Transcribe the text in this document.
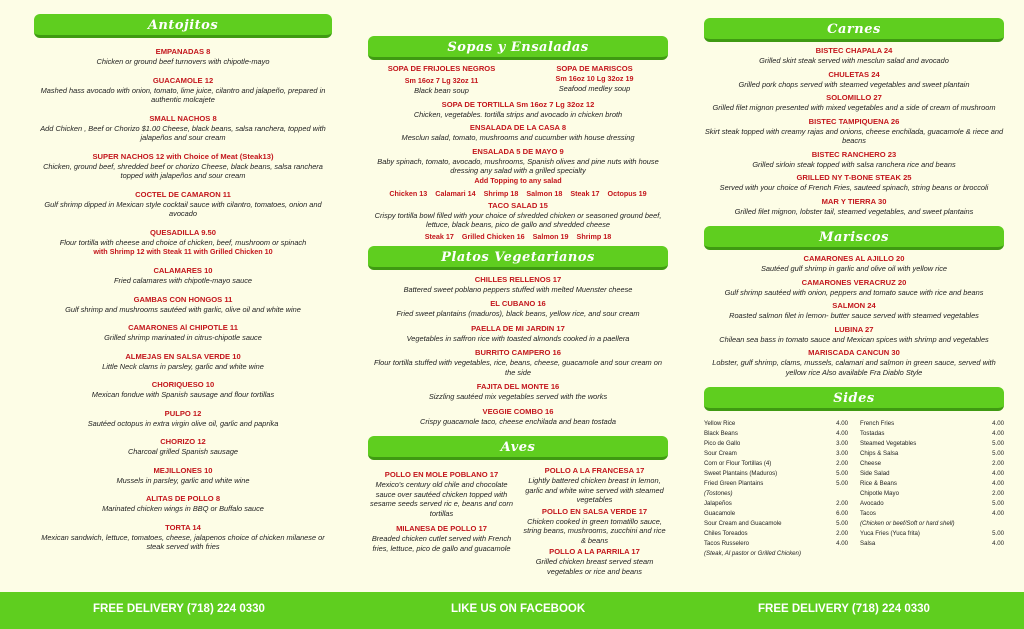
Antojitos
EMPANADAS 8
Chicken or ground beef turnovers with chipotle-mayo
GUACAMOLE 12
Mashed hass avocado with onion, tomato, lime juice, cilantro and jalapeño, prepared in authentic molcajete
SMALL NACHOS 8
Add Chicken , Beef or Chorizo $1.00 Cheese, black beans, salsa ranchera, topped with jalapeños and sour cream
SUPER NACHOS 12 with Choice of Meat (Steak13)
Chicken, ground beef, shredded beef or chorizo Cheese, black beans, salsa ranchera topped with jalapeños and sour cream
COCTEL DE CAMARON 11
Gulf shrimp dipped in Mexican style cocktail sauce with cilantro, tomatoes, onion and avocado
QUESADILLA 9.50
Flour tortilla with cheese and choice of chicken, beef, mushroom or spinach
with Shrimp 12 with Steak 11 with Grilled Chicken 10
CALAMARES 10
Fried calamares with chipotle-mayo sauce
GAMBAS CON HONGOS 11
Gulf shrimp and mushrooms sautéed with garlic, olive oil and white wine
CAMARONES Al CHIPOTLE 11
Grilled shrimp marinated in citrus-chipotle sauce
ALMEJAS EN SALSA VERDE 10
Little Neck clams in parsley, garlic and white wine
CHORIQUESO 10
Mexican fondue with Spanish sausage and flour tortillas
PULPO 12
Sautéed octopus in extra virgin olive oil, garlic and paprika
CHORIZO 12
Charcoal grilled Spanish sausage
MEJILLONES 10
Mussels in parsley, garlic and white wine
ALITAS DE POLLO 8
Marinated chicken wings in BBQ or Buffalo sauce
TORTA 14
Mexican sandwich, lettuce, tomatoes, cheese, jalapenos choice of chicken milanese or steak served with fries
Sopas y Ensaladas
SOPA DE FRIJOLES NEGROS
Sm 16oz 7 Lg 32oz 11
Black bean soup
SOPA DE MARISCOS
Sm 16oz 10 Lg 32oz 19
Seafood medley soup
SOPA DE TORTILLA Sm 16oz 7 Lg 32oz 12
Chicken, vegetables. tortilla strips and avocado in chicken broth
ENSALADA DE LA CASA 8
Mesclun salad, tomato, mushrooms and cucumber with house dressing
ENSALADA 5 DE MAYO 9
Baby spinach, tomato, avocado, mushrooms, Spanish olives and pine nuts with house dressing any salad with a grilled specialty
Add Topping to any salad
Chicken 13 Calamari 14 Shrimp 18 Salmon 18 Steak 17 Octopus 19
TACO SALAD 15
Crispy tortilla bowl filled with your choice of shredded chicken or seasoned ground beef, lettuce, black beans, pico de gallo and shredded cheese
Steak 17 Grilled Chicken 16 Salmon 19 Shrimp 18
Platos Vegetarianos
CHILLES RELLENOS 17
Battered sweet poblano peppers stuffed with melted Muenster cheese
EL CUBANO 16
Fried sweet plantains (maduros), black beans, yellow rice, and sour cream
PAELLA DE MI JARDIN 17
Vegetables in saffron rice with toasted almonds cooked in a paellera
BURRITO CAMPERO 16
Flour tortilla stuffed with vegetables, rice, beans, cheese, guacamole and sour cream on the side
FAJITA DEL MONTE 16
Sizzling sautéed mix vegetables served with the works
VEGGIE COMBO 16
Crispy guacamole taco, cheese enchilada and bean tostada
Aves
POLLO EN MOLE POBLANO 17
Mexico's century old chile and chocolate sauce over sautéed chicken topped with sesame seeds served ric e, beans and corn tortillas
MILANESA DE POLLO 17
Breaded chicken cutlet served with French fries, lettuce, pico de gallo and guacamole
POLLO A LA FRANCESA 17
Lightly battered chicken breast in lemon, garlic and white wine served with steamed vegetables
POLLO EN SALSA VERDE 17
Chicken cooked in green tomatillo sauce, string beans, mushrooms, zucchini and rice & beans
POLLO A LA PARRILA 17
Grilled chicken breast served steam vegetables or rice and beans
Carnes
BISTEC CHAPALA 24
Grilled skirt steak served with mesclun salad and avocado
CHULETAS 24
Grilled pork chops served with steamed vegetables and sweet plantain
SOLOMILLO 27
Grilled filet mignon presented with mixed vegetables and a side of cream of mushroom
BISTEC TAMPIQUENA 26
Skirt steak topped with creamy rajas and onions, cheese enchilada, guacamole & riece and beacns
BISTEC RANCHERO 23
Grilled sirloin steak topped with salsa ranchera rice and beans
GRILLED NY T-BONE STEAK 25
Served with your choice of French Fries, sauteed spinach, string beans or broccoli
MAR Y TIERRA 30
Grilled filet mignon, lobster tail, steamed vegetables, and sweet plantains
Mariscos
CAMARONES AL AJILLO 20
Sautéed gulf shrimp in garlic and olive oil with yellow rice
CAMARONES VERACRUZ 20
Gulf shrimp sautéed with onion, peppers and tomato sauce with rice and beans
SALMON 24
Roasted salmon filet in lemon- butter sauce served with steamed vegetables
LUBINA 27
Chilean sea bass in tomato sauce and Mexican spices with shrimp and vegetables
MARISCADA CANCUN 30
Lobster, gulf shrimp, clams, mussels, calamari and salmon in green sauce, served with yellow rice Also available Fra Diablo Style
Sides
Yellow Rice	4.00
Black Beans	4.00
Pico de Gallo	3.00
Sour Cream	3.00
Corn or Flour Tortillas (4)	2.00
Sweet Plantains (Maduros)	5.00
Fried Green Plantains	5.00
(Tostones)
Jalapeños	2.00
Guacamole	6.00
Sour Cream and Guacamole	5.00
Chiles Toreados	2.00
Tacos Russelero	4.00
(Steak, Al pastor or Grilled Chicken)
French Fries	4.00
Tostadas	4.00
Steamed Vegetables	5.00
Chips & Salsa	5.00
Cheese	2.00
Side Salad	4.00
Rice & Beans	4.00
Chipotle Mayo	2.00
Avocado	5.00
Tacos	4.00
(Chicken or beef/Soft or hard shell)
Yuca Fries (Yuca frita)	5.00
Salsa	4.00
FREE DELIVERY (718) 224 0330	LIKE US ON FACEBOOK	FREE DELIVERY (718) 224 0330
